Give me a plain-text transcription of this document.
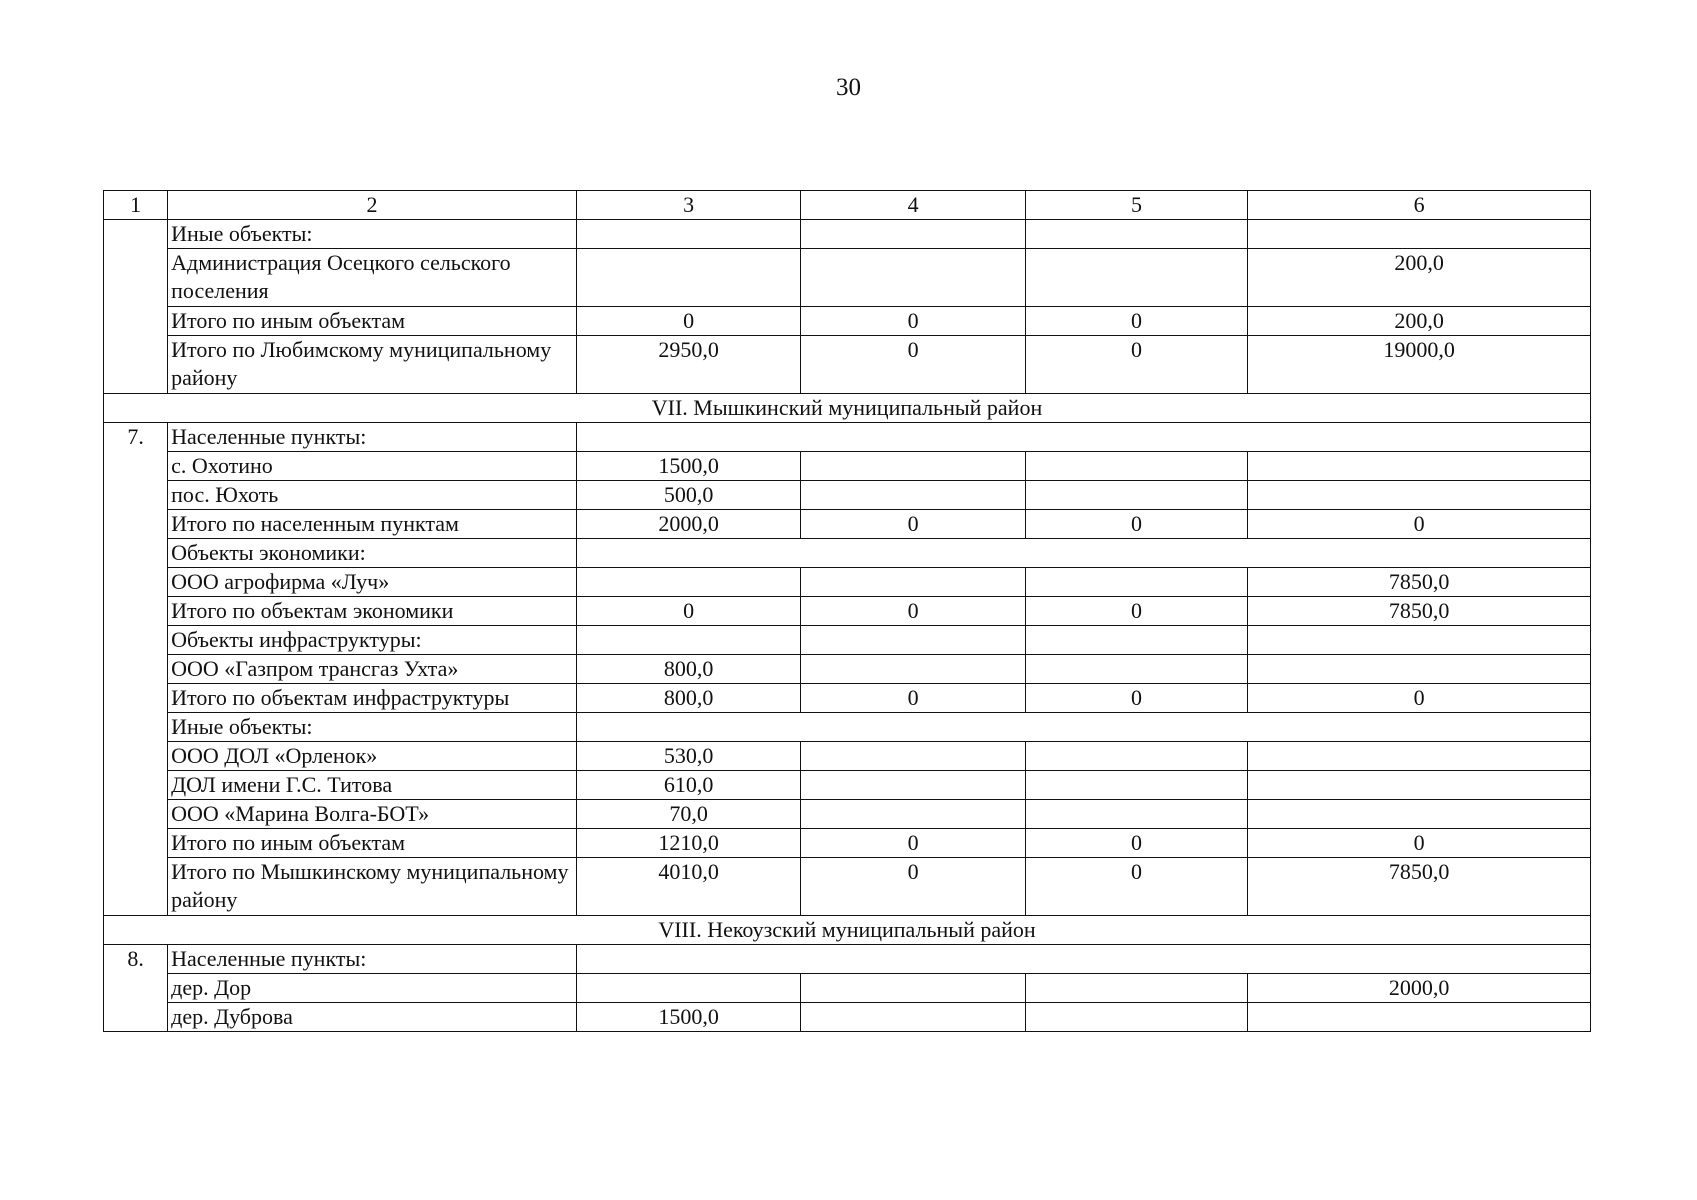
30
1	2	3	4	5	6
	Иные объекты:				
	Администрация Осецкого сельского поселения				200,0
	Итого по иным объектам	0	0	0	200,0
	Итого по Любимскому муниципальному району	2950,0	0	0	19000,0
VII. Мышкинский муниципальный район					
7.	Населенные пункты:				
	с. Охотино	1500,0			
	пос. Юхоть	500,0			
	Итого по населенным пунктам	2000,0	0	0	0
	Объекты экономики:				
	ООО агрофирма «Луч»				7850,0
	Итого по объектам экономики	0	0	0	7850,0
	Объекты инфраструктуры:				
	ООО «Газпром трансгаз Ухта»	800,0			
	Итого по объектам инфраструктуры	800,0	0	0	0
	Иные объекты:				
	ООО ДОЛ «Орленок»	530,0			
	ДОЛ имени Г.С. Титова	610,0			
	ООО «Марина Волга-БОТ»	70,0			
	Итого по иным объектам	1210,0	0	0	0
	Итого по Мышкинскому муниципальному району	4010,0	0	0	7850,0
VIII. Некоузский муниципальный район					
8.	Населенные пункты:				
	дер. Дор				2000,0
	дер. Дуброва	1500,0			
